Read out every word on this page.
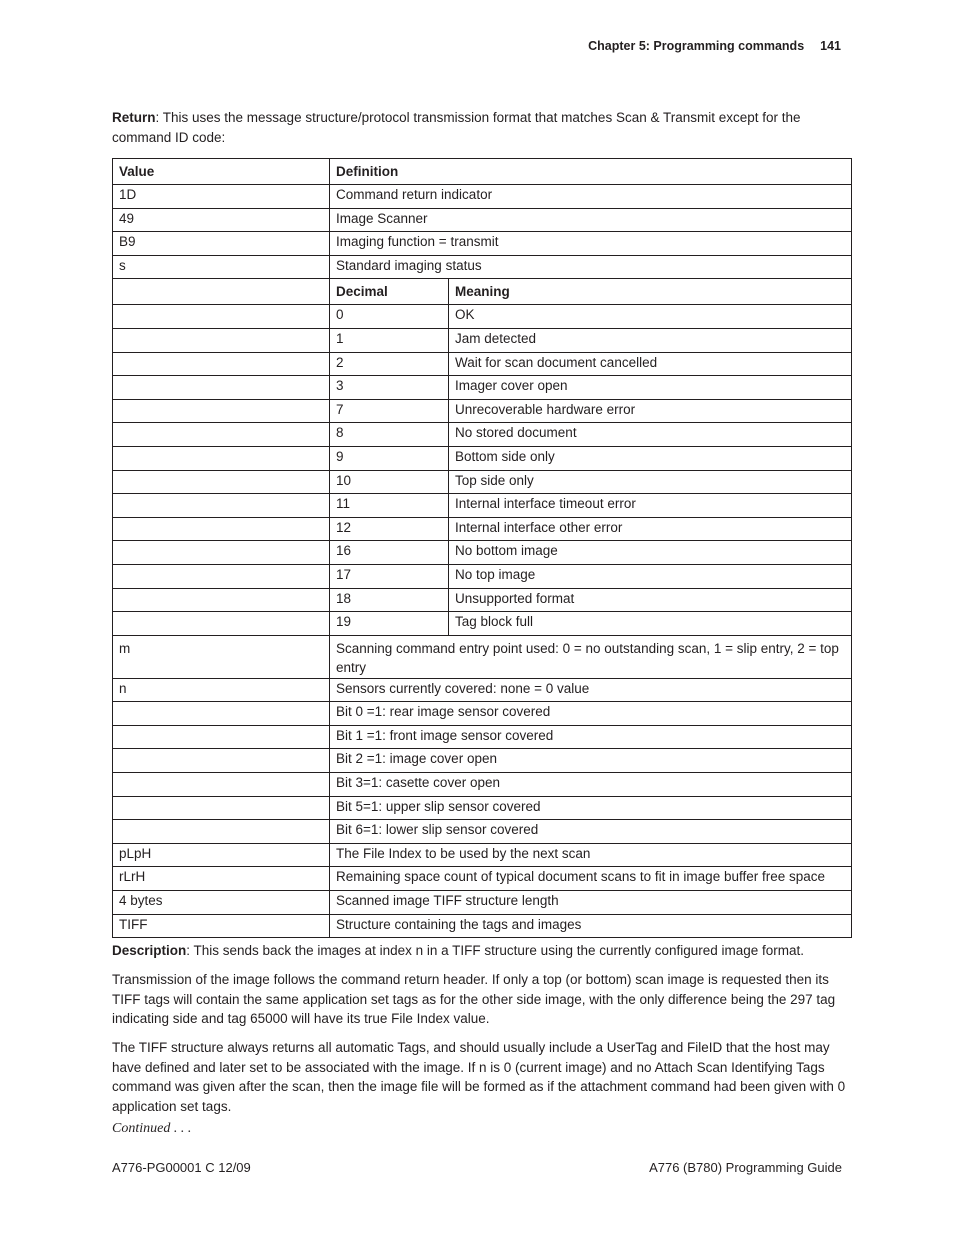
Chapter 5: Programming commands 141
Return: This uses the message structure/protocol transmission format that matches Scan & Transmit except for the command ID code:
Value	Definition	
1D	Command return indicator	
49	Image Scanner	
B9	Imaging function = transmit	
s	Standard imaging status	
	Decimal	Meaning
	0	OK
	1	Jam detected
	2	Wait for scan document cancelled
	3	Imager cover open
	7	Unrecoverable hardware error
	8	No stored document
	9	Bottom side only
	10	Top side only
	11	Internal interface timeout error
	12	Internal interface other error
	16	No bottom image
	17	No top image
	18	Unsupported format
	19	Tag block full
m	Scanning command entry point used: 0 = no outstanding scan, 1 = slip entry, 2 = top entry	
n	Sensors currently covered: none = 0 value	
	Bit 0 =1: rear image sensor covered	
	Bit 1 =1: front image sensor covered	
	Bit 2 =1: image cover open	
	Bit 3=1: casette cover open	
	Bit 5=1: upper slip sensor covered	
	Bit 6=1: lower slip sensor covered	
pLpH	The File Index to be used by the next scan	
rLrH	Remaining space count of typical document scans to fit in image buffer free space	
4 bytes	Scanned image TIFF structure length	
TIFF	Structure containing the tags and images	

Description: This sends back the images at index n in a TIFF structure using the currently configured image format.

Transmission of the image follows the command return header. If only a top (or bottom) scan image is requested then its TIFF tags will contain the same application set tags as for the other side image, with the only difference being the 297 tag indicating side and tag 65000 will have its true File Index value.

The TIFF structure always returns all automatic Tags, and should usually include a UserTag and FileID that the host may have defined and later set to be associated with the image. If n is 0 (current image) and no Attach Scan Identifying Tags command was given after the scan, then the image file will be formed as if the attachment command had been given with 0 application set tags.

Continued . . .
A776-PG00001 C 12/09	A776 (B780) Programming Guide
